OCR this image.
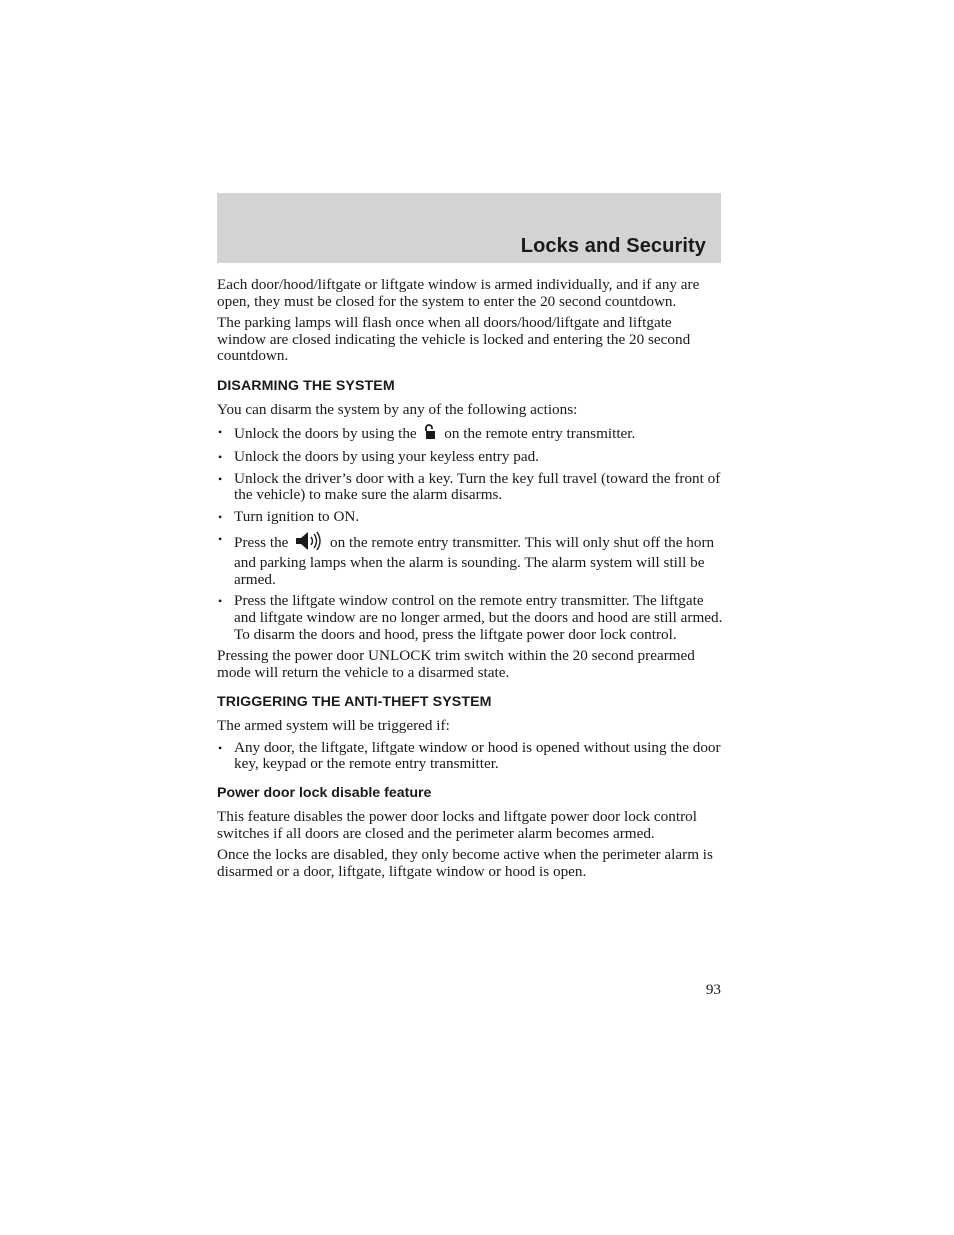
Locks and Security

Each door/hood/liftgate or liftgate window is armed individually, and if any are open, they must be closed for the system to enter the 20 second countdown.

The parking lamps will flash once when all doors/hood/liftgate and liftgate window are closed indicating the vehicle is locked and entering the 20 second countdown.

DISARMING THE SYSTEM

You can disarm the system by any of the following actions:

• Unlock the doors by using the on the remote entry transmitter.
• Unlock the doors by using your keyless entry pad.
• Unlock the driver’s door with a key. Turn the key full travel (toward the front of the vehicle) to make sure the alarm disarms.
• Turn ignition to ON.
• Press the	on the remote entry transmitter. This will only shut off the horn and parking lamps when the alarm is sounding. The alarm system will still be armed.
• Press the liftgate window control on the remote entry transmitter. The liftgate and liftgate window are no longer armed, but the doors and hood are still armed. To disarm the doors and hood, press the liftgate power door lock control.

Pressing the power door UNLOCK trim switch within the 20 second prearmed mode will return the vehicle to a disarmed state.

TRIGGERING THE ANTI-THEFT SYSTEM

The armed system will be triggered if:

• Any door, the liftgate, liftgate window or hood is opened without using the door key, keypad or the remote entry transmitter.
Power door lock disable feature

This feature disables the power door locks and liftgate power door lock control switches if all doors are closed and the perimeter alarm becomes armed.

Once the locks are disabled, they only become active when the perimeter alarm is disarmed or a door, liftgate, liftgate window or hood is open.

93
